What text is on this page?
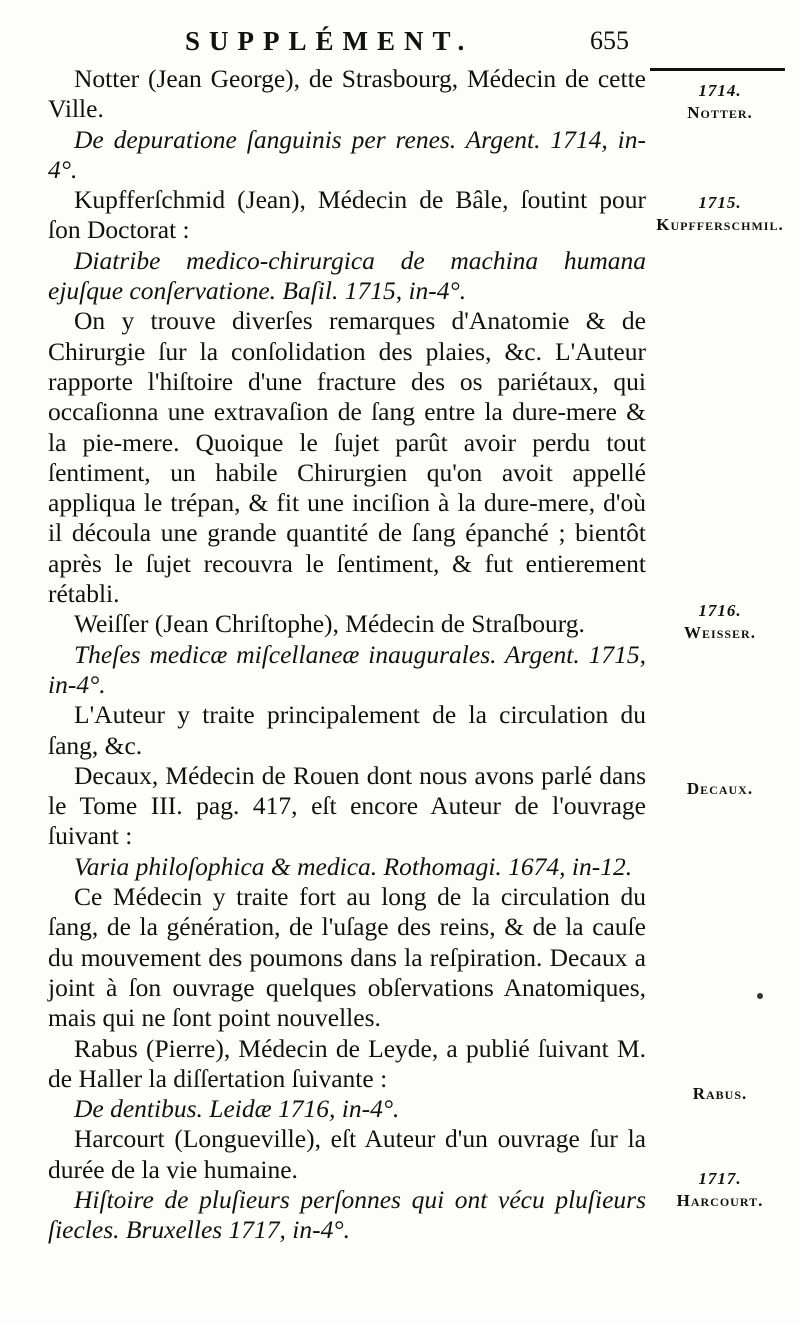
SUPPLÉMENT.	655

Notter (Jean George), de Strasbourg, Médecin de cette Ville.

De depuratione ſanguinis per renes. Argent. 1714, in-4°.

Kupfferſchmid (Jean), Médecin de Bâle, ſoutint pour ſon Doctorat :

Diatribe medico-chirurgica de machina humana ejuſque conſervatione. Baſil. 1715, in-4°.

On y trouve diverſes remarques d'Anatomie & de Chirurgie ſur la conſolidation des plaies, &c. L'Auteur rapporte l'hiſtoire d'une fracture des os pariétaux, qui occaſionna une extravaſion de ſang entre la dure-mere & la pie-mere. Quoique le ſujet parût avoir perdu tout ſentiment, un habile Chirurgien qu'on avoit appellé appliqua le trépan, & fit une inciſion à la dure-mere, d'où il découla une grande quantité de ſang épanché ; bientôt après le ſujet recouvra le ſentiment, & fut entierement rétabli.

Weiſſer (Jean Chriſtophe), Médecin de Straſbourg.

Theſes medicæ miſcellaneæ inaugurales. Argent. 1715, in-4°.

L'Auteur y traite principalement de la circulation du ſang, &c.

Decaux, Médecin de Rouen dont nous avons parlé dans le Tome III. pag. 417, eſt encore Auteur de l'ouvrage ſuivant :

Varia philoſophica & medica. Rothomagi. 1674, in-12.

Ce Médecin y traite fort au long de la circulation du ſang, de la génération, de l'uſage des reins, & de la cauſe du mouvement des poumons dans la reſpiration. Decaux a joint à ſon ouvrage quelques obſervations Anatomiques, mais qui ne ſont point nouvelles.

Rabus (Pierre), Médecin de Leyde, a publié ſuivant M. de Haller la diſſertation ſuivante :

De dentibus. Leidæ 1716, in-4°.

Harcourt (Longueville), eſt Auteur d'un ouvrage ſur la durée de la vie humaine.

Hiſtoire de pluſieurs perſonnes qui ont vécu pluſieurs ſiecles. Bruxelles 1717, in-4°.

1714.
Notter.
1715.
Kupfferschmil.
1716.
Weisser.
Decaux.
Rabus.
1717.
Harcourt.
